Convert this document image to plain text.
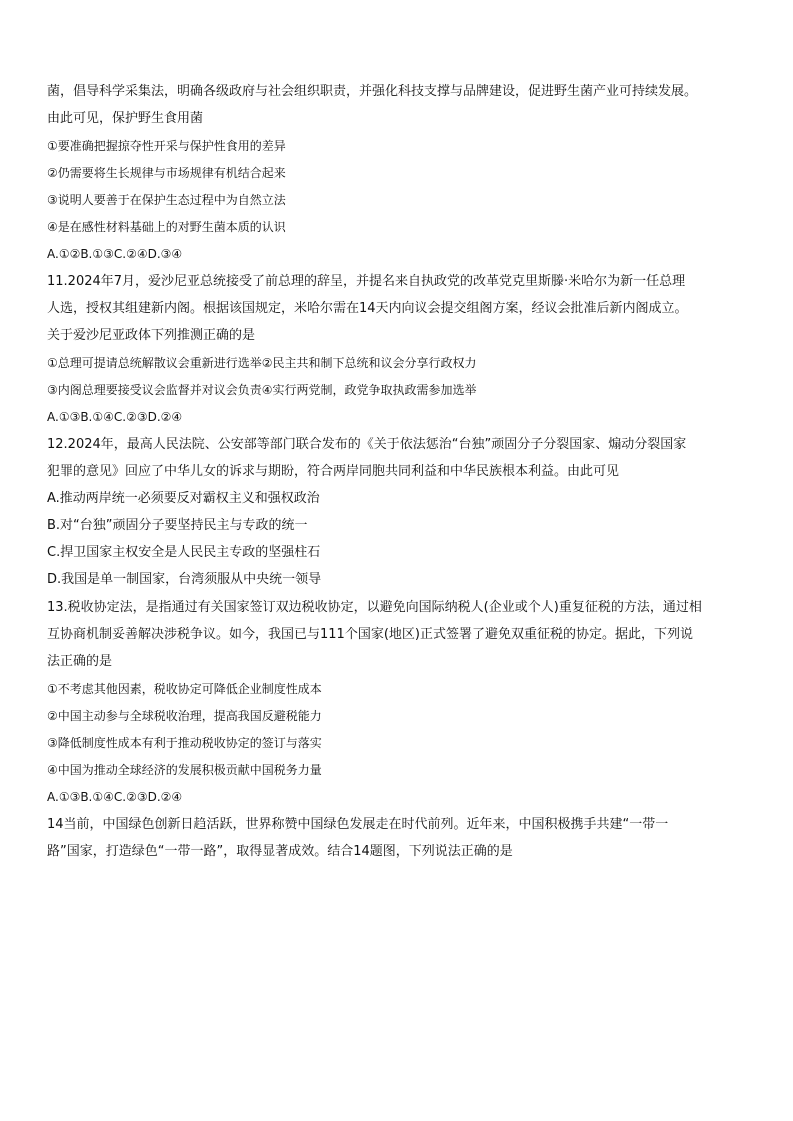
菌，倡导科学采集法，明确各级政府与社会组织职责，并强化科技支撑与品牌建设，促进野生菌产业可持续发展。
由此可见，保护野生食用菌
①要准确把握掠夺性开采与保护性食用的差异
②仍需要将生长规律与市场规律有机结合起来
③说明人要善于在保护生态过程中为自然立法
④是在感性材料基础上的对野生菌本质的认识
A.①②B.①③C.②④D.③④
11.2024年7月，爱沙尼亚总统接受了前总理的辞呈，并提名来自执政党的改革党克里斯滕·米哈尔为新一任总理
人选，授权其组建新内阁。根据该国规定，米哈尔需在14天内向议会提交组阁方案，经议会批准后新内阁成立。
关于爱沙尼亚政体下列推测正确的是
①总理可提请总统解散议会重新进行选举②民主共和制下总统和议会分享行政权力
③内阁总理要接受议会监督并对议会负责④实行两党制，政党争取执政需参加选举
A.①③B.①④C.②③D.②④
12.2024年，最高人民法院、公安部等部门联合发布的《关于依法惩治“台独”顽固分子分裂国家、煽动分裂国家
犯罪的意见》回应了中华儿女的诉求与期盼，符合两岸同胞共同利益和中华民族根本利益。由此可见
A.推动两岸统一必须要反对霸权主义和强权政治
B.对“台独”顽固分子要坚持民主与专政的统一
C.捍卫国家主权安全是人民民主专政的坚强柱石
D.我国是单一制国家，台湾须服从中央统一领导
13.税收协定法，是指通过有关国家签订双边税收协定，以避免向国际纳税人(企业或个人)重复征税的方法，通过相
互协商机制妥善解决涉税争议。如今，我国已与111个国家(地区)正式签署了避免双重征税的协定。据此，下列说
法正确的是
①不考虑其他因素，税收协定可降低企业制度性成本
②中国主动参与全球税收治理，提高我国反避税能力
③降低制度性成本有利于推动税收协定的签订与落实
④中国为推动全球经济的发展积极贡献中国税务力量
A.①③B.①④C.②③D.②④
14当前，中国绿色创新日趋活跃，世界称赞中国绿色发展走在时代前列。近年来，中国积极携手共建“一带一
路”国家，打造绿色“一带一路”，取得显著成效。结合14题图，下列说法正确的是
